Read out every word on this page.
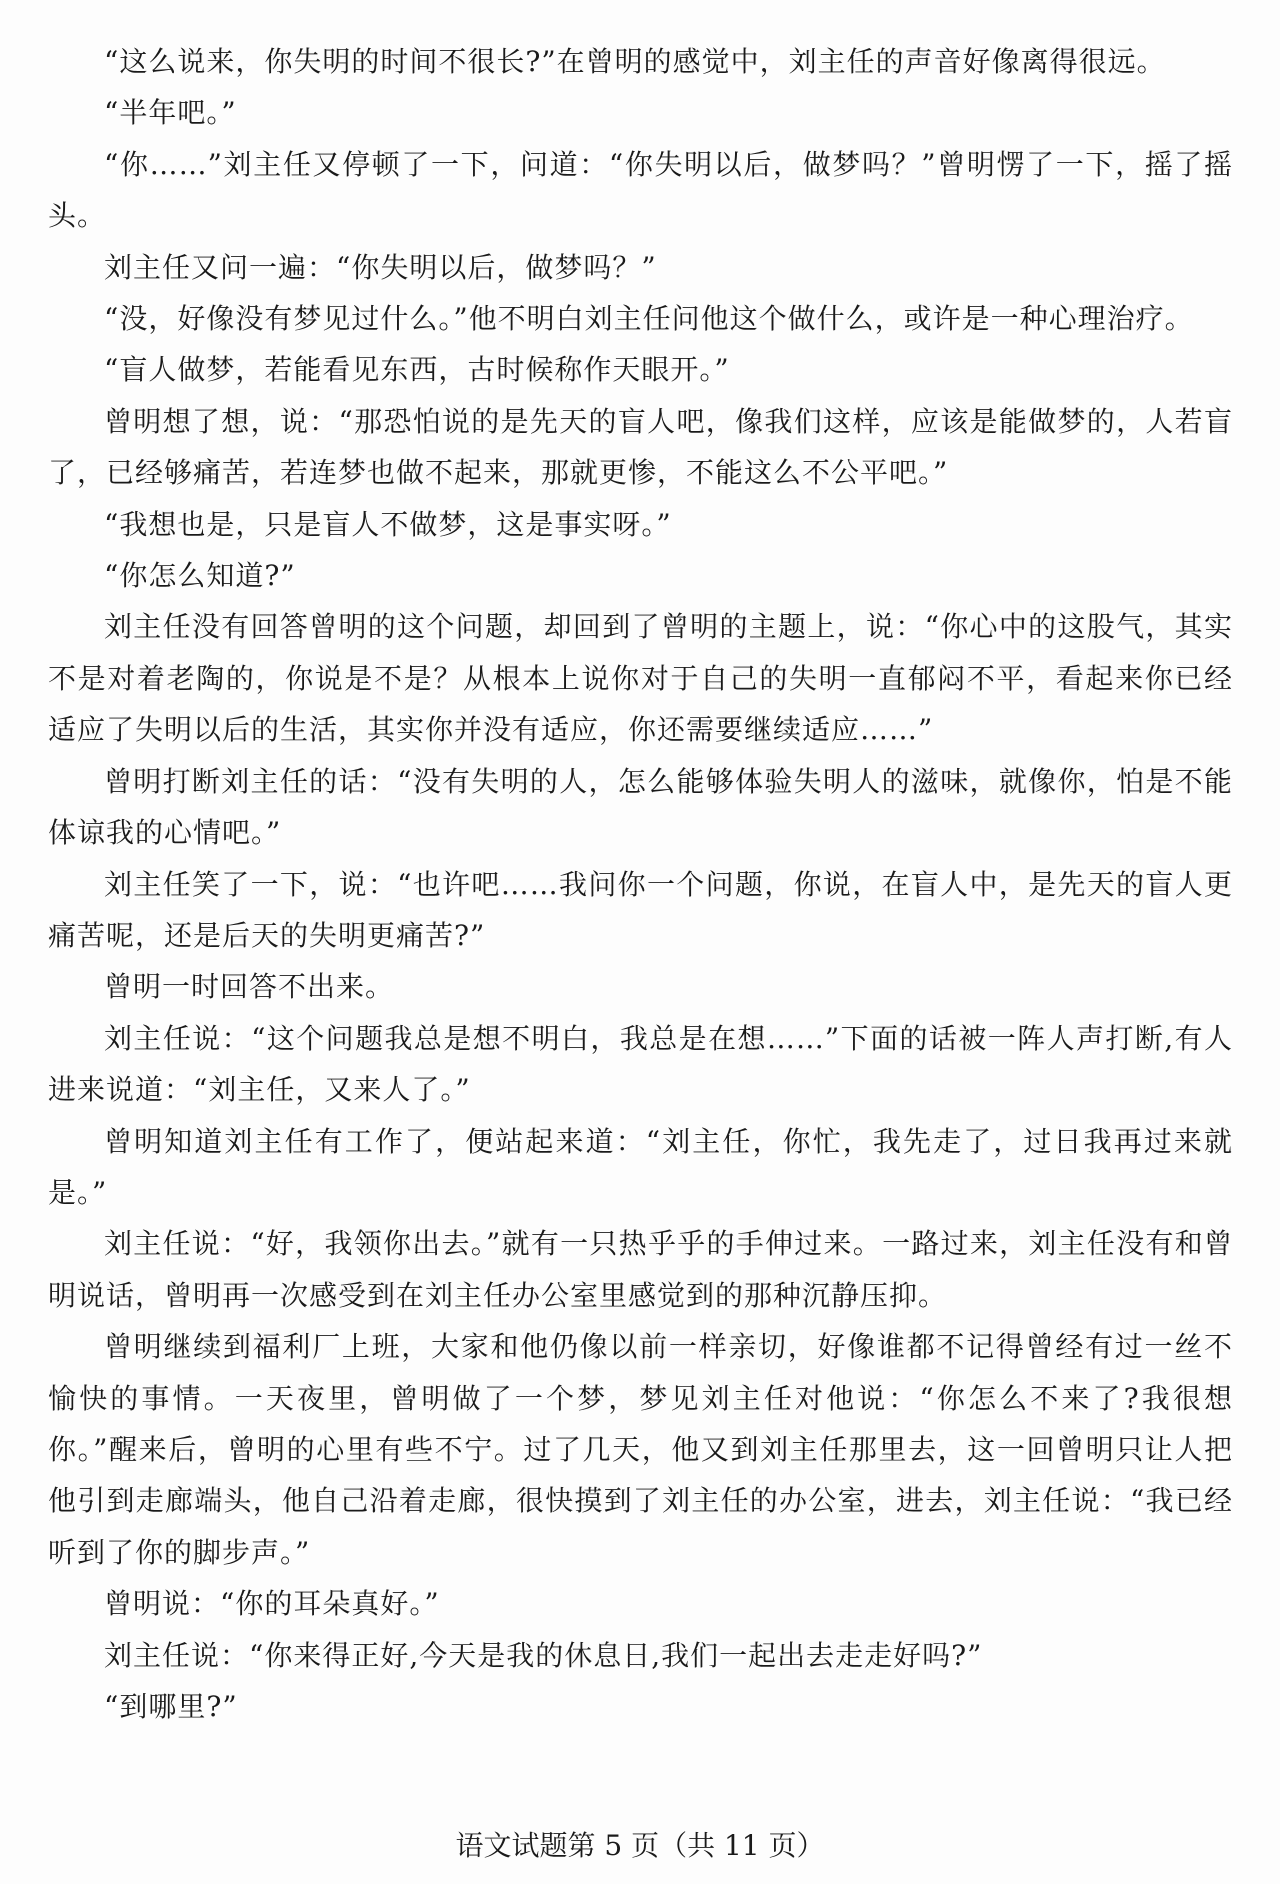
“这么说来，你失明的时间不很长?”在曾明的感觉中，刘主任的声音好像离得很远。

“半年吧。”

“你……”刘主任又停顿了一下，问道：“你失明以后，做梦吗？”曾明愣了一下，摇了摇头。

刘主任又问一遍：“你失明以后，做梦吗？”

“没，好像没有梦见过什么。”他不明白刘主任问他这个做什么，或许是一种心理治疗。

“盲人做梦，若能看见东西，古时候称作天眼开。”

曾明想了想，说：“那恐怕说的是先天的盲人吧，像我们这样，应该是能做梦的，人若盲了，已经够痛苦，若连梦也做不起来，那就更惨，不能这么不公平吧。”

“我想也是，只是盲人不做梦，这是事实呀。”

“你怎么知道?”

刘主任没有回答曾明的这个问题，却回到了曾明的主题上，说：“你心中的这股气，其实不是对着老陶的，你说是不是？从根本上说你对于自己的失明一直郁闷不平，看起来你已经适应了失明以后的生活，其实你并没有适应，你还需要继续适应……”

曾明打断刘主任的话：“没有失明的人，怎么能够体验失明人的滋味，就像你，怕是不能体谅我的心情吧。”

刘主任笑了一下，说：“也许吧……我问你一个问题，你说，在盲人中，是先天的盲人更痛苦呢，还是后天的失明更痛苦?”

曾明一时回答不出来。

刘主任说：“这个问题我总是想不明白，我总是在想……”下面的话被一阵人声打断,有人进来说道：“刘主任，又来人了。”

曾明知道刘主任有工作了，便站起来道：“刘主任，你忙，我先走了，过日我再过来就是。”

刘主任说：“好，我领你出去。”就有一只热乎乎的手伸过来。一路过来，刘主任没有和曾明说话，曾明再一次感受到在刘主任办公室里感觉到的那种沉静压抑。

曾明继续到福利厂上班，大家和他仍像以前一样亲切，好像谁都不记得曾经有过一丝不愉快的事情。一天夜里，曾明做了一个梦，梦见刘主任对他说：“你怎么不来了?我很想你。”醒来后，曾明的心里有些不宁。过了几天，他又到刘主任那里去，这一回曾明只让人把他引到走廊端头，他自己沿着走廊，很快摸到了刘主任的办公室，进去，刘主任说：“我已经听到了你的脚步声。”

曾明说：“你的耳朵真好。”

刘主任说：“你来得正好,今天是我的休息日,我们一起出去走走好吗?”

“到哪里?”

语文试题第 5 页（共 11 页）
